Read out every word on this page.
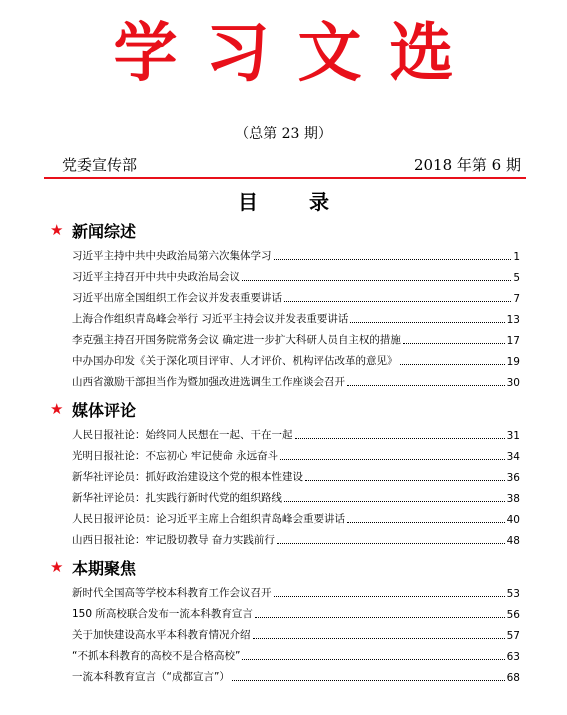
学习文选
（总第 23 期）
党委宣传部	2018 年第 6 期
目 录
★ 新闻综述
习近平主持中共中央政治局第六次集体学习	1
习近平主持召开中共中央政治局会议	5
习近平出席全国组织工作会议并发表重要讲话	7
上海合作组织青岛峰会举行 习近平主持会议并发表重要讲话	13
李克强主持召开国务院常务会议 确定进一步扩大科研人员自主权的措施	17
中办国办印发《关于深化项目评审、人才评价、机构评估改革的意见》	19
山西省激励干部担当作为暨加强改进选调生工作座谈会召开	30
★ 媒体评论
人民日报社论：始终同人民想在一起、干在一起	31
光明日报社论：不忘初心 牢记使命 永远奋斗	34
新华社评论员：抓好政治建设这个党的根本性建设	36
新华社评论员：扎实践行新时代党的组织路线	38
人民日报评论员：论习近平主席上合组织青岛峰会重要讲话	40
山西日报社论：牢记殷切教导 奋力实践前行	48
★ 本期聚焦
新时代全国高等学校本科教育工作会议召开	53
150 所高校联合发布一流本科教育宣言	56
关于加快建设高水平本科教育情况介绍	57
“不抓本科教育的高校不是合格高校”	63
一流本科教育宣言（“成都宣言”）	68
